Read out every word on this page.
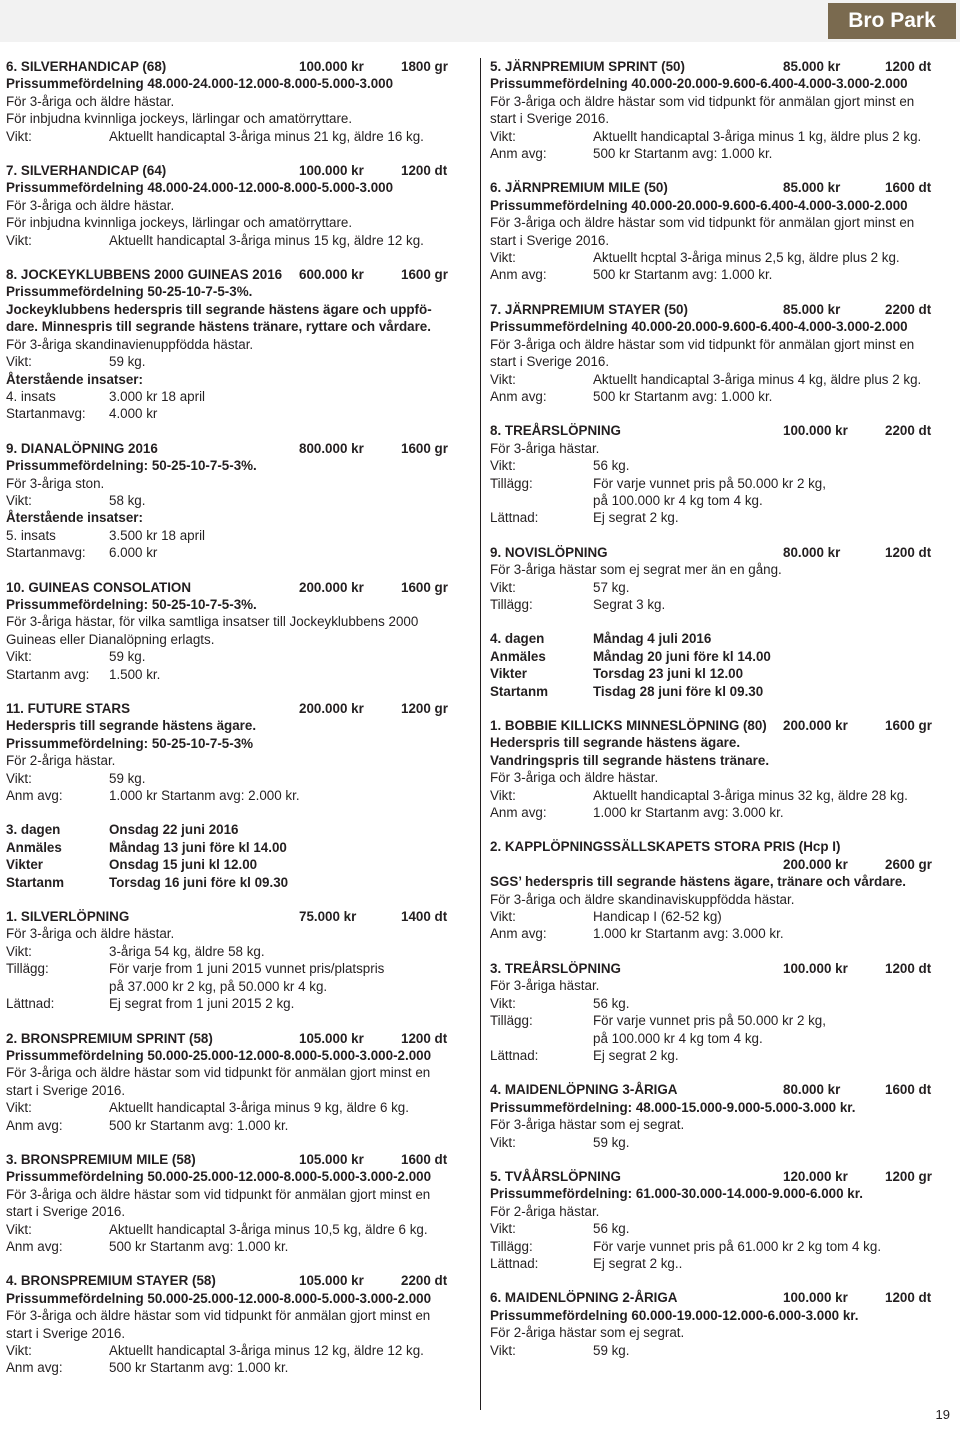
Bro Park
6. SILVERHANDICAP (68)	100.000 kr	1800 gr
Prissummefördelning 48.000-24.000-12.000-8.000-5.000-3.000
För 3-åriga och äldre hästar.
För inbjudna kvinnliga jockeys, lärlingar och amatörryttare.
Vikt:	Aktuellt handicaptal 3-åriga minus 21 kg, äldre 16 kg.
7. SILVERHANDICAP (64)	100.000 kr	1200 dt
Prissummefördelning 48.000-24.000-12.000-8.000-5.000-3.000
För 3-åriga och äldre hästar.
För inbjudna kvinnliga jockeys, lärlingar och amatörryttare.
Vikt:	Aktuellt handicaptal 3-åriga minus 15 kg, äldre 12 kg.
8. JOCKEYKLUBBENS 2000 GUINEAS 2016 600.000 kr	1600 gr
Prissummefördelning 50-25-10-7-5-3%.
Jockeyklubbens hederspris till segrande hästens ägare och uppfö-
dare. Minnespris till segrande hästens tränare, ryttare och vårdare.
För 3-åriga skandinavienuppfödda hästar.
Vikt:	59 kg.
Återstående insatser:
4. insats	3.000 kr 18 april
Startanmavg:	4.000 kr
9. DIANALÖPNING 2016	800.000 kr	1600 gr
Prissummefördelning: 50-25-10-7-5-3%.
För 3-åriga ston.
Vikt:	58 kg.
Återstående insatser:
5. insats	3.500 kr 18 april
Startanmavg:	6.000 kr
10. GUINEAS CONSOLATION	200.000 kr	1600 gr
Prissummefördelning: 50-25-10-7-5-3%.
För 3-åriga hästar, för vilka samtliga insatser till Jockeyklubbens 2000
Guineas eller Dianalöpning erlagts.
Vikt:	59 kg.
Startanm avg:	1.500 kr.
11. FUTURE STARS	200.000 kr	1200 gr
Hederspris till segrande hästens ägare.
Prissummefördelning: 50-25-10-7-5-3%
För 2-åriga hästar.
Vikt:	59 kg.
Anm avg:	1.000 kr Startanm avg: 2.000 kr.
3. dagen	Onsdag 22 juni 2016
Anmäles	Måndag 13 juni före kl 14.00
Vikter	Onsdag 15 juni kl 12.00
Startanm	Torsdag 16 juni före kl 09.30
1. SILVERLÖPNING	75.000 kr	1400 dt
För 3-åriga och äldre hästar.
Vikt:	3-åriga 54 kg, äldre 58 kg.
Tillägg:	För varje from 1 juni 2015 vunnet pris/platspris
på 37.000 kr 2 kg, på 50.000 kr 4 kg.
Lättnad:	Ej segrat from 1 juni 2015 2 kg.
2. BRONSPREMIUM SPRINT (58)	105.000 kr	1200 dt
Prissummefördelning 50.000-25.000-12.000-8.000-5.000-3.000-2.000
För 3-åriga och äldre hästar som vid tidpunkt för anmälan gjort minst en
start i Sverige 2016.
Vikt:	Aktuellt handicaptal 3-åriga minus 9 kg, äldre 6 kg.
Anm avg:	500 kr Startanm avg: 1.000 kr.
3. BRONSPREMIUM MILE (58)	105.000 kr	1600 dt
Prissummefördelning 50.000-25.000-12.000-8.000-5.000-3.000-2.000
För 3-åriga och äldre hästar som vid tidpunkt för anmälan gjort minst en
start i Sverige 2016.
Vikt:	Aktuellt handicaptal 3-åriga minus 10,5 kg, äldre 6 kg.
Anm avg:	500 kr Startanm avg: 1.000 kr.
4. BRONSPREMIUM STAYER (58)	105.000 kr	2200 dt
Prissummefördelning 50.000-25.000-12.000-8.000-5.000-3.000-2.000
För 3-åriga och äldre hästar som vid tidpunkt för anmälan gjort minst en
start i Sverige 2016.
Vikt:	Aktuellt handicaptal 3-åriga minus 12 kg, äldre 12 kg.
Anm avg:	500 kr Startanm avg: 1.000 kr.
5. JÄRNPREMIUM SPRINT (50)	85.000 kr	1200 dt
Prissummefördelning 40.000-20.000-9.600-6.400-4.000-3.000-2.000
För 3-åriga och äldre hästar som vid tidpunkt för anmälan gjort minst en
start i Sverige 2016.
Vikt:	Aktuellt handicaptal 3-åriga minus 1 kg, äldre plus 2 kg.
Anm avg:	500 kr Startanm avg: 1.000 kr.
6. JÄRNPREMIUM MILE (50)	85.000 kr	1600 dt
Prissummefördelning 40.000-20.000-9.600-6.400-4.000-3.000-2.000
För 3-åriga och äldre hästar som vid tidpunkt för anmälan gjort minst en
start i Sverige 2016.
Vikt:	Aktuellt hcptal 3-åriga minus 2,5 kg, äldre plus 2 kg.
Anm avg:	500 kr Startanm avg: 1.000 kr.
7. JÄRNPREMIUM STAYER (50)	85.000 kr	2200 dt
Prissummefördelning 40.000-20.000-9.600-6.400-4.000-3.000-2.000
För 3-åriga och äldre hästar som vid tidpunkt för anmälan gjort minst en
start i Sverige 2016.
Vikt:	Aktuellt handicaptal 3-åriga minus 4 kg, äldre plus 2 kg.
Anm avg:	500 kr Startanm avg: 1.000 kr.
8. TREÅRSLÖPNING	100.000 kr	2200 dt
För 3-åriga hästar.
Vikt:	56 kg.
Tillägg:	För varje vunnet pris på 50.000 kr 2 kg,
på 100.000 kr 4 kg tom 4 kg.
Lättnad:	Ej segrat 2 kg.
9. NOVISLÖPNING	80.000 kr	1200 dt
För 3-åriga hästar som ej segrat mer än en gång.
Vikt:	57 kg.
Tillägg:	Segrat 3 kg.
4. dagen	Måndag 4 juli 2016
Anmäles	Måndag 20 juni före kl 14.00
Vikter	Torsdag 23 juni kl 12.00
Startanm	Tisdag 28 juni före kl 09.30
1. BOBBIE KILLICKS MINNESLÖPNING (80) 200.000 kr	1600 gr
Hederspris till segrande hästens ägare.
Vandringspris till segrande hästens tränare.
För 3-åriga och äldre hästar.
Vikt:	Aktuellt handicaptal 3-åriga minus 32 kg, äldre 28 kg.
Anm avg:	1.000 kr Startanm avg: 3.000 kr.
2. KAPPLÖPNINGSSÄLLSKAPETS STORA PRIS (Hcp I)
200.000 kr	2600 gr
SGS’ hederspris till segrande hästens ägare, tränare och vårdare.
För 3-åriga och äldre skandinaviskuppfödda hästar.
Vikt:	Handicap I (62-52 kg)
Anm avg:	1.000 kr Startanm avg: 3.000 kr.
3. TREÅRSLÖPNING	100.000 kr	1200 dt
För 3-åriga hästar.
Vikt:	56 kg.
Tillägg:	För varje vunnet pris på 50.000 kr 2 kg,
på 100.000 kr 4 kg tom 4 kg.
Lättnad:	Ej segrat 2 kg.
4. MAIDENLÖPNING 3-ÅRIGA	80.000 kr	1600 dt
Prissummefördelning: 48.000-15.000-9.000-5.000-3.000 kr.
För 3-åriga hästar som ej segrat.
Vikt:	59 kg.
5. TVÅÅRSLÖPNING	120.000 kr	1200 gr
Prissummefördelning: 61.000-30.000-14.000-9.000-6.000 kr.
För 2-åriga hästar.
Vikt:	56 kg.
Tillägg:	För varje vunnet pris på 61.000 kr 2 kg tom 4 kg.
Lättnad:	Ej segrat 2 kg..
6. MAIDENLÖPNING 2-ÅRIGA	100.000 kr	1200 dt
Prissummefördelning 60.000-19.000-12.000-6.000-3.000 kr.
För 2-åriga hästar som ej segrat.
Vikt:	59 kg.
19
